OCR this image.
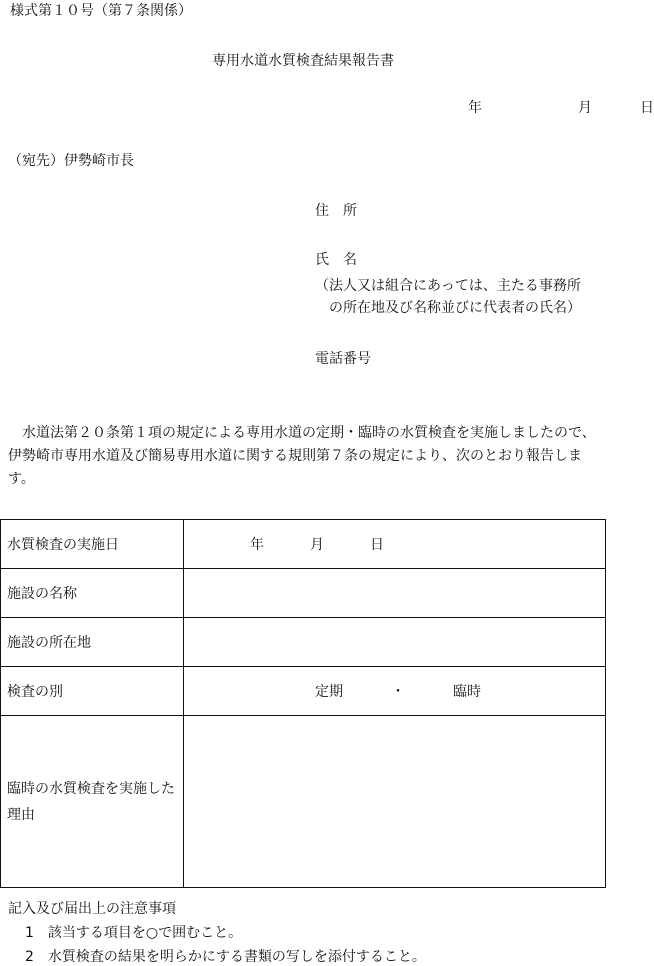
様式第１０号（第７条関係）
専用水道水質検査結果報告書
年	月	日
（宛先）伊勢崎市長
住　所
氏　名
（法人又は組合にあっては、主たる事務所
　の所在地及び名称並びに代表者の氏名）
電話番号
水道法第２０条第１項の規定による専用水道の定期・臨時の水質検査を実施しましたので、伊勢崎市専用水道及び簡易専用水道に関する規則第７条の規定により、次のとおり報告します。
水質検査の実施日	年 月 日
施設の名称	
施設の所在地	
検査の別	定期 ・ 臨時
臨時の水質検査を実施した理由	
記入及び届出上の注意事項
1　該当する項目を○で囲むこと。
2　水質検査の結果を明らかにする書類の写しを添付すること。
